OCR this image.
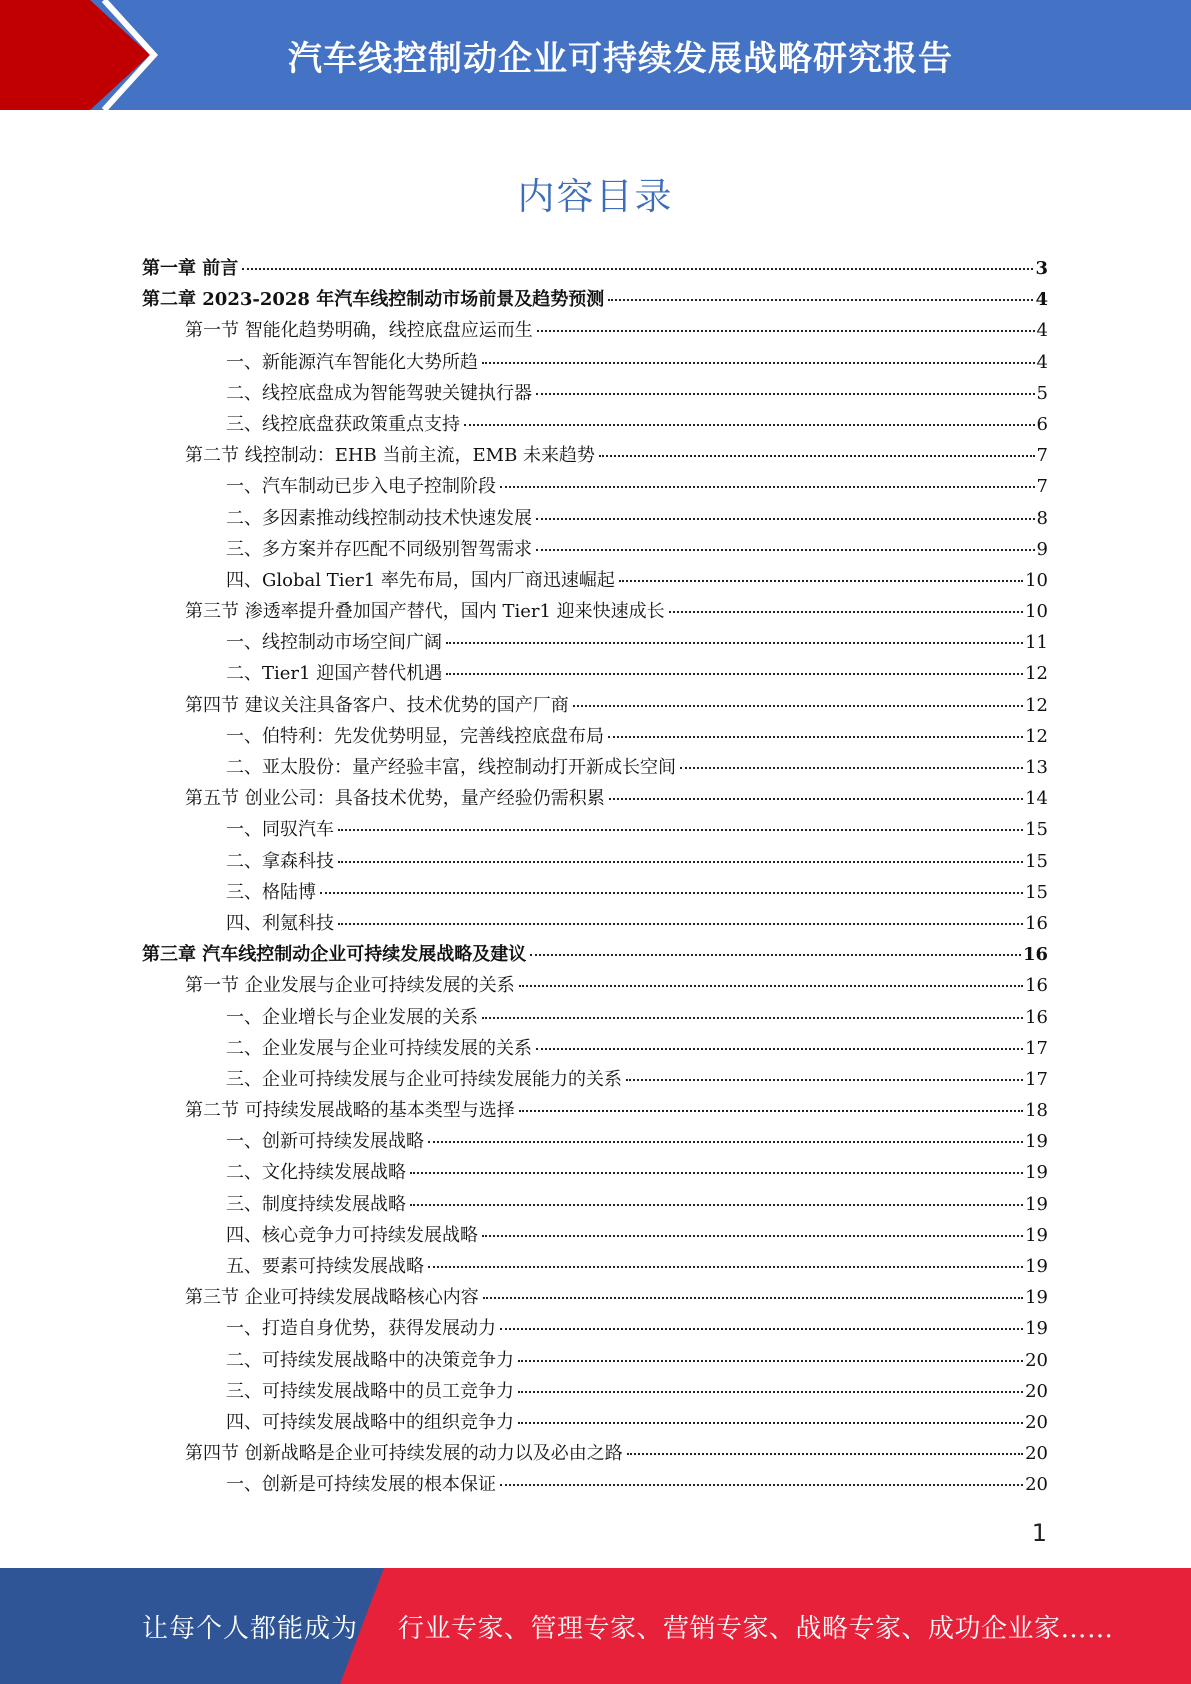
汽车线控制动企业可持续发展战略研究报告
内容目录
第一章 前言	3
第二章 2023-2028 年汽车线控制动市场前景及趋势预测	4
第一节 智能化趋势明确，线控底盘应运而生	4
一、新能源汽车智能化大势所趋	4
二、线控底盘成为智能驾驶关键执行器	5
三、线控底盘获政策重点支持	6
第二节 线控制动：EHB 当前主流，EMB 未来趋势	7
一、汽车制动已步入电子控制阶段	7
二、多因素推动线控制动技术快速发展	8
三、多方案并存匹配不同级别智驾需求	9
四、Global Tier1 率先布局，国内厂商迅速崛起	10
第三节 渗透率提升叠加国产替代，国内 Tier1 迎来快速成长	10
一、线控制动市场空间广阔	11
二、Tier1 迎国产替代机遇	12
第四节 建议关注具备客户、技术优势的国产厂商	12
一、伯特利：先发优势明显，完善线控底盘布局	12
二、亚太股份：量产经验丰富，线控制动打开新成长空间	13
第五节 创业公司：具备技术优势，量产经验仍需积累	14
一、同驭汽车	15
二、拿森科技	15
三、格陆博	15
四、利氪科技	16
第三章 汽车线控制动企业可持续发展战略及建议	16
第一节 企业发展与企业可持续发展的关系	16
一、企业增长与企业发展的关系	16
二、企业发展与企业可持续发展的关系	17
三、企业可持续发展与企业可持续发展能力的关系	17
第二节 可持续发展战略的基本类型与选择	18
一、创新可持续发展战略	19
二、文化持续发展战略	19
三、制度持续发展战略	19
四、核心竞争力可持续发展战略	19
五、要素可持续发展战略	19
第三节 企业可持续发展战略核心内容	19
一、打造自身优势，获得发展动力	19
二、可持续发展战略中的决策竞争力	20
三、可持续发展战略中的员工竞争力	20
四、可持续发展战略中的组织竞争力	20
第四节 创新战略是企业可持续发展的动力以及必由之路	20
一、创新是可持续发展的根本保证	20
1
让每个人都能成为 行业专家、管理专家、营销专家、战略专家、成功企业家……
